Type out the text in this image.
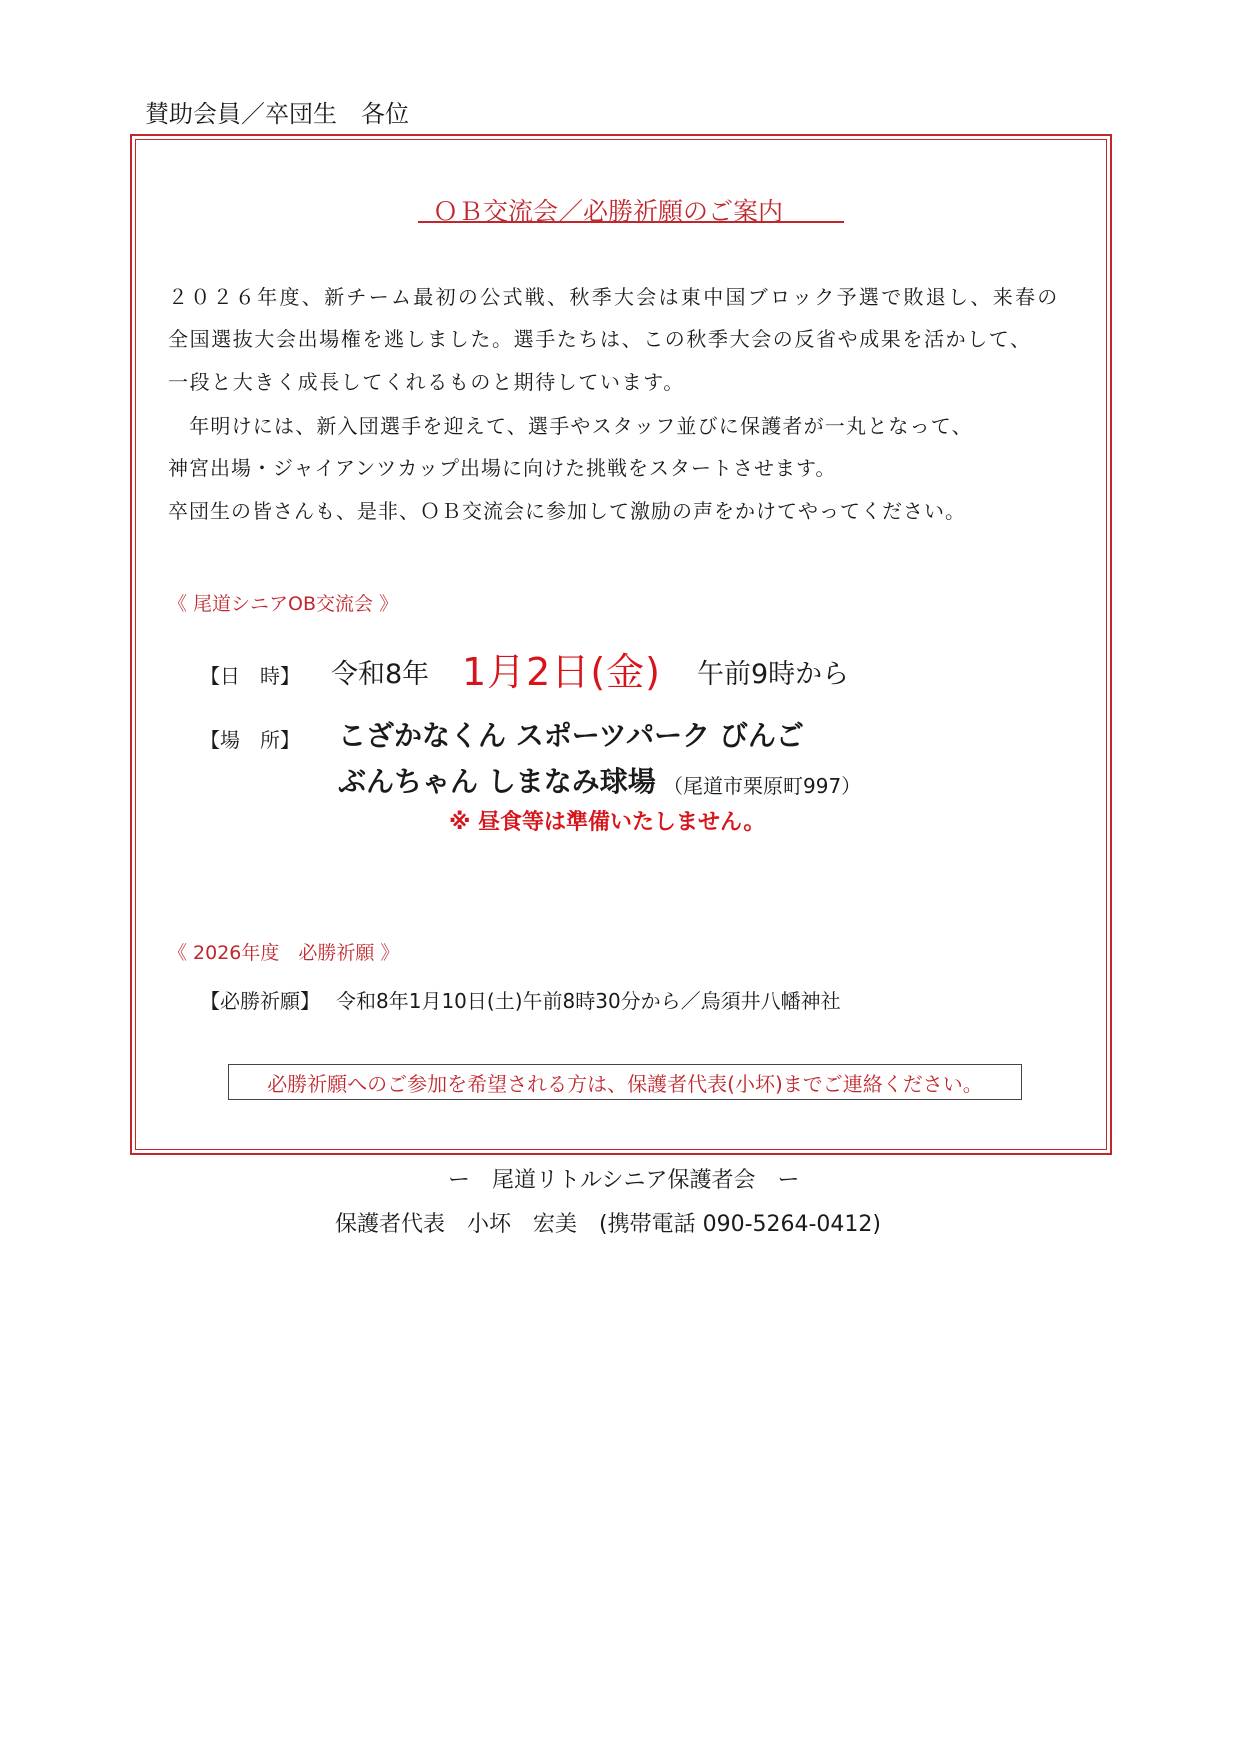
賛助会員／卒団生　各位
ＯＢ交流会／必勝祈願のご案内
２０２６年度、新チーム最初の公式戦、秋季大会は東中国ブロック予選で敗退し、来春の
全国選抜大会出場権を逃しました。選手たちは、この秋季大会の反省や成果を活かして、
一段と大きく成長してくれるものと期待しています。
　年明けには、新入団選手を迎えて、選手やスタッフ並びに保護者が一丸となって、
神宮出場・ジャイアンツカップ出場に向けた挑戦をスタートさせます。
卒団生の皆さんも、是非、ＯＢ交流会に参加して激励の声をかけてやってください。
《 尾道シニアOB交流会 》
【日　時】 令和8年 1月2日(金) 午前9時から
【場　所】 こざかなくん スポーツパーク びんご
ぶんちゃん しまなみ球場 （尾道市栗原町997）
※ 昼食等は準備いたしません。
《 2026年度　必勝祈願 》
【必勝祈願】 令和8年1月10日(土)午前8時30分から／烏須井八幡神社
必勝祈願へのご参加を希望される方は、保護者代表(小坏)までご連絡ください。
ー　尾道リトルシニア保護者会　ー
保護者代表　小坏　宏美　(携帯電話 090-5264-0412)
